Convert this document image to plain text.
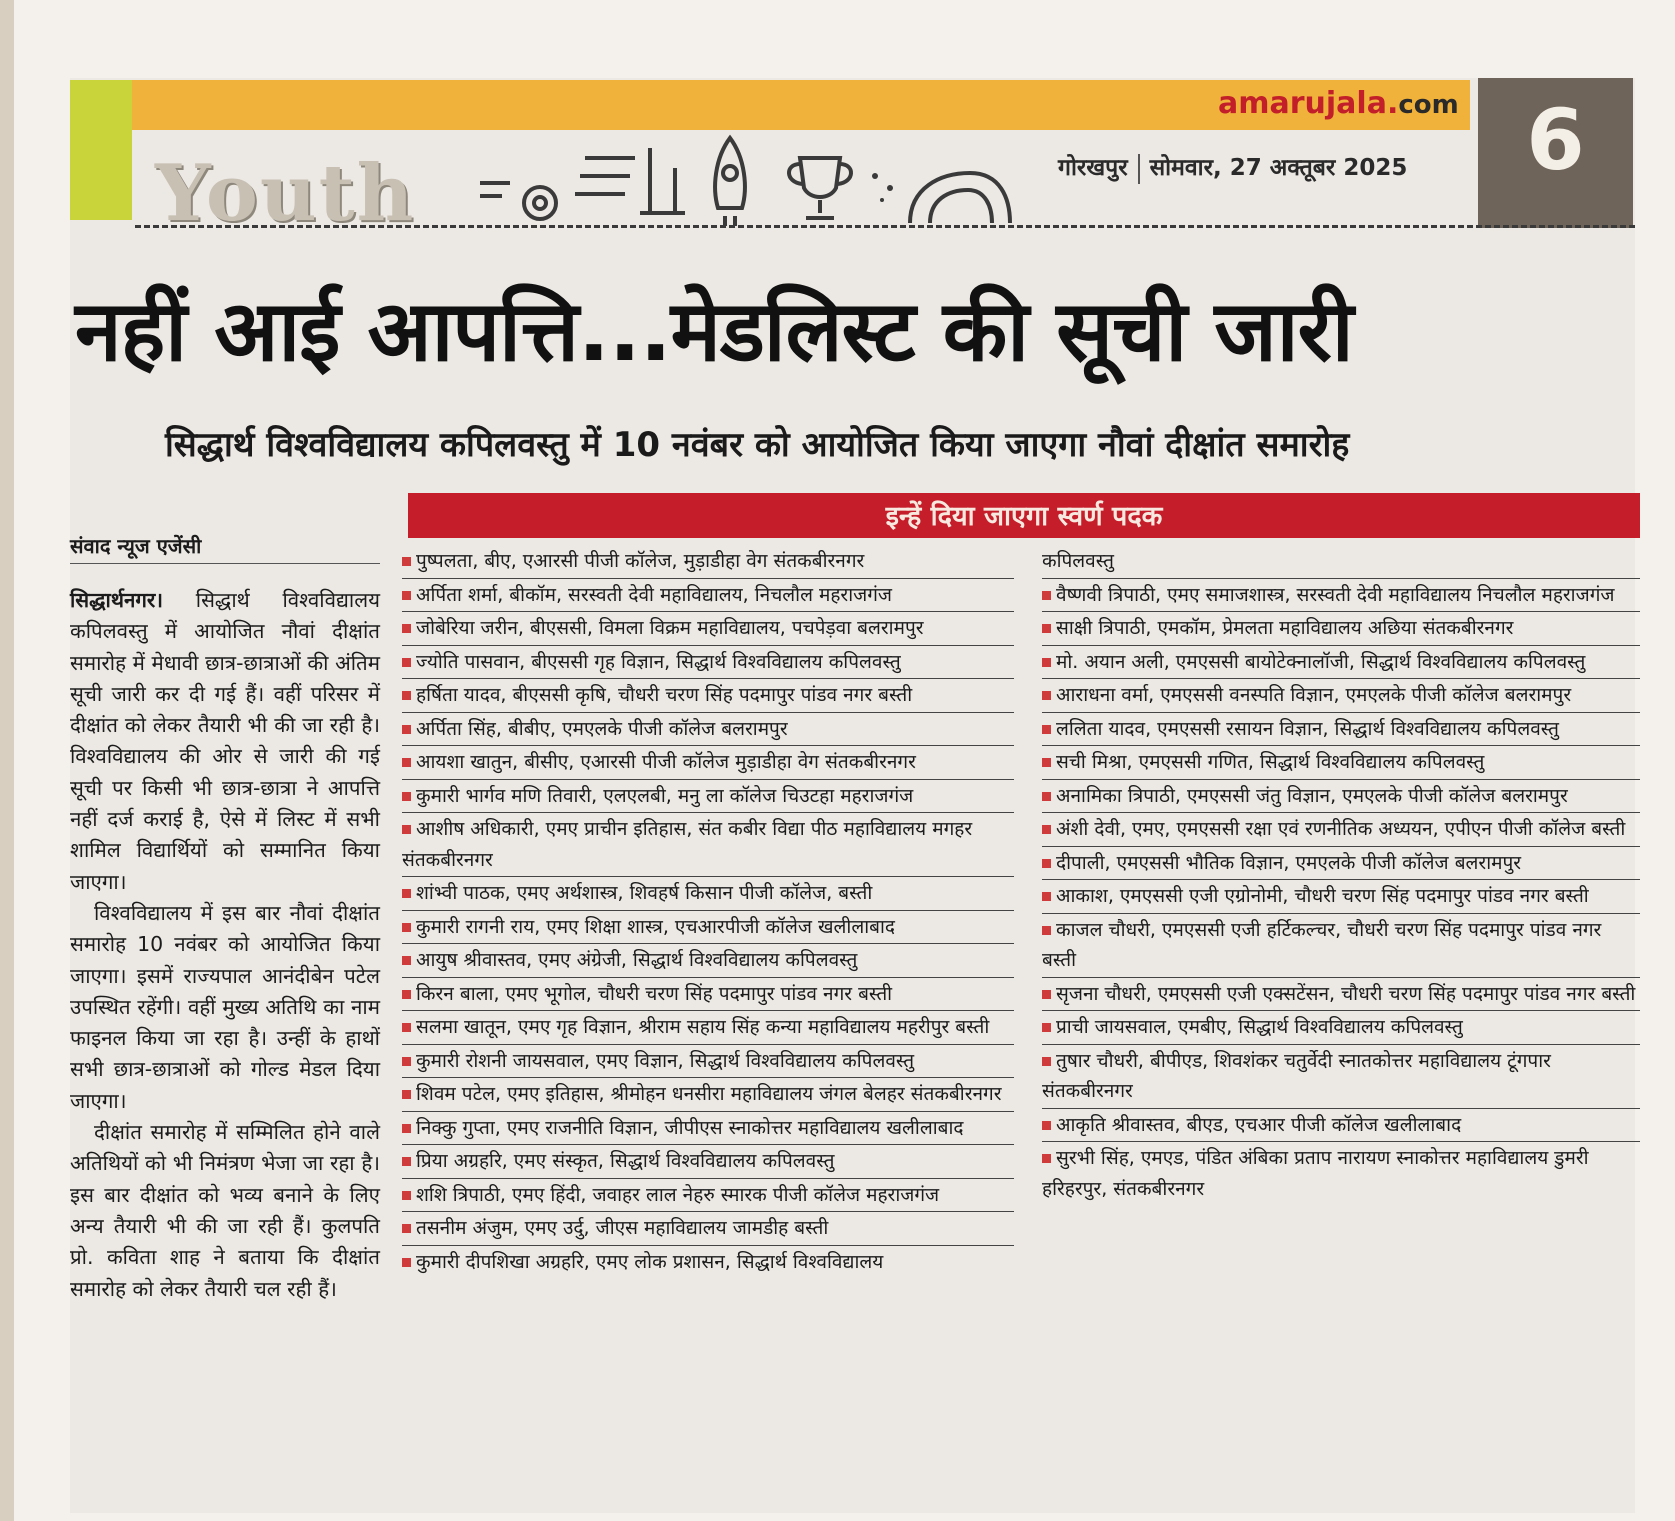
Youth
amarujala.com
गोरखपुर सोमवार, 27 अक्तूबर 2025	6
नहीं आई आपत्ति...मेडलिस्ट की सूची जारी
सिद्धार्थ विश्वविद्यालय कपिलवस्तु में 10 नवंबर को आयोजित किया जाएगा नौवां दीक्षांत समारोह
संवाद न्यूज एजेंसी

सिद्धार्थनगर। सिद्धार्थ विश्वविद्यालय कपिलवस्तु में आयोजित नौवां दीक्षांत समारोह में मेधावी छात्र-छात्राओं की अंतिम सूची जारी कर दी गई हैं। वहीं परिसर में दीक्षांत को लेकर तैयारी भी की जा रही है। विश्वविद्यालय की ओर से जारी की गई सूची पर किसी भी छात्र-छात्रा ने आपत्ति नहीं दर्ज कराई है, ऐसे में लिस्ट में सभी शामिल विद्यार्थियों को सम्मानित किया जाएगा।

विश्वविद्यालय में इस बार नौवां दीक्षांत समारोह 10 नवंबर को आयोजित किया जाएगा। इसमें राज्यपाल आनंदीबेन पटेल उपस्थित रहेंगी। वहीं मुख्य अतिथि का नाम फाइनल किया जा रहा है। उन्हीं के हाथों सभी छात्र-छात्राओं को गोल्ड मेडल दिया जाएगा।

दीक्षांत समारोह में सम्मिलित होने वाले अतिथियों को भी निमंत्रण भेजा जा रहा है। इस बार दीक्षांत को भव्य बनाने के लिए अन्य तैयारी भी की जा रही हैं। कुलपति प्रो. कविता शाह ने बताया कि दीक्षांत समारोह को लेकर तैयारी चल रही हैं।

इन्हें दिया जाएगा स्वर्ण पदक
पुष्पलता, बीए, एआरसी पीजी कॉलेज, मुड़ाडीहा वेग संतकबीरनगर
अर्पिता शर्मा, बीकॉम, सरस्वती देवी महाविद्यालय, निचलौल महराजगंज
जोबेरिया जरीन, बीएससी, विमला विक्रम महाविद्यालय, पचपेड़वा बलरामपुर
ज्योति पासवान, बीएससी गृह विज्ञान, सिद्धार्थ विश्वविद्यालय कपिलवस्तु
हर्षिता यादव, बीएससी कृषि, चौधरी चरण सिंह पदमापुर पांडव नगर बस्ती
अर्पिता सिंह, बीबीए, एमएलके पीजी कॉलेज बलरामपुर
आयशा खातुन, बीसीए, एआरसी पीजी कॉलेज मुड़ाडीहा वेग संतकबीरनगर
कुमारी भार्गव मणि तिवारी, एलएलबी, मनु ला कॉलेज चिउटहा महराजगंज
आशीष अधिकारी, एमए प्राचीन इतिहास, संत कबीर विद्या पीठ महाविद्यालय मगहर संतकबीरनगर
शांभ्वी पाठक, एमए अर्थशास्त्र, शिवहर्ष किसान पीजी कॉलेज, बस्ती
कुमारी रागनी राय, एमए शिक्षा शास्त्र, एचआरपीजी कॉलेज खलीलाबाद
आयुष श्रीवास्तव, एमए अंग्रेजी, सिद्धार्थ विश्वविद्यालय कपिलवस्तु
किरन बाला, एमए भूगोल, चौधरी चरण सिंह पदमापुर पांडव नगर बस्ती
सलमा खातून, एमए गृह विज्ञान, श्रीराम सहाय सिंह कन्या महाविद्यालय महरीपुर बस्ती
कुमारी रोशनी जायसवाल, एमए विज्ञान, सिद्धार्थ विश्वविद्यालय कपिलवस्तु
शिवम पटेल, एमए इतिहास, श्रीमोहन धनसीरा महाविद्यालय जंगल बेलहर संतकबीरनगर
निक्कु गुप्ता, एमए राजनीति विज्ञान, जीपीएस स्नाकोत्तर महाविद्यालय खलीलाबाद
प्रिया अग्रहरि, एमए संस्कृत, सिद्धार्थ विश्वविद्यालय कपिलवस्तु
शशि त्रिपाठी, एमए हिंदी, जवाहर लाल नेहरु स्मारक पीजी कॉलेज महराजगंज
तसनीम अंजुम, एमए उर्दु, जीएस महाविद्यालय जामडीह बस्ती
कुमारी दीपशिखा अग्रहरि, एमए लोक प्रशासन, सिद्धार्थ विश्वविद्यालय
कपिलवस्तु
वैष्णवी त्रिपाठी, एमए समाजशास्त्र, सरस्वती देवी महाविद्यालय निचलौल महराजगंज
साक्षी त्रिपाठी, एमकॉम, प्रेमलता महाविद्यालय अछिया संतकबीरनगर
मो. अयान अली, एमएससी बायोटेक्नालॉजी, सिद्धार्थ विश्वविद्यालय कपिलवस्तु
आराधना वर्मा, एमएससी वनस्पति विज्ञान, एमएलके पीजी कॉलेज बलरामपुर
ललिता यादव, एमएससी रसायन विज्ञान, सिद्धार्थ विश्वविद्यालय कपिलवस्तु
सची मिश्रा, एमएससी गणित, सिद्धार्थ विश्वविद्यालय कपिलवस्तु
अनामिका त्रिपाठी, एमएससी जंतु विज्ञान, एमएलके पीजी कॉलेज बलरामपुर
अंशी देवी, एमए, एमएससी रक्षा एवं रणनीतिक अध्ययन, एपीएन पीजी कॉलेज बस्ती
दीपाली, एमएससी भौतिक विज्ञान, एमएलके पीजी कॉलेज बलरामपुर
आकाश, एमएससी एजी एग्रोनोमी, चौधरी चरण सिंह पदमापुर पांडव नगर बस्ती
काजल चौधरी, एमएससी एजी हर्टिकल्चर, चौधरी चरण सिंह पदमापुर पांडव नगर बस्ती
सृजना चौधरी, एमएससी एजी एक्सटेंसन, चौधरी चरण सिंह पदमापुर पांडव नगर बस्ती
प्राची जायसवाल, एमबीए, सिद्धार्थ विश्वविद्यालय कपिलवस्तु
तुषार चौधरी, बीपीएड, शिवशंकर चतुर्वेदी स्नातकोत्तर महाविद्यालय टूंगपार संतकबीरनगर
आकृति श्रीवास्तव, बीएड, एचआर पीजी कॉलेज खलीलाबाद
सुरभी सिंह, एमएड, पंडित अंबिका प्रताप नारायण स्नाकोत्तर महाविद्यालय डुमरी हरिहरपुर, संतकबीरनगर
